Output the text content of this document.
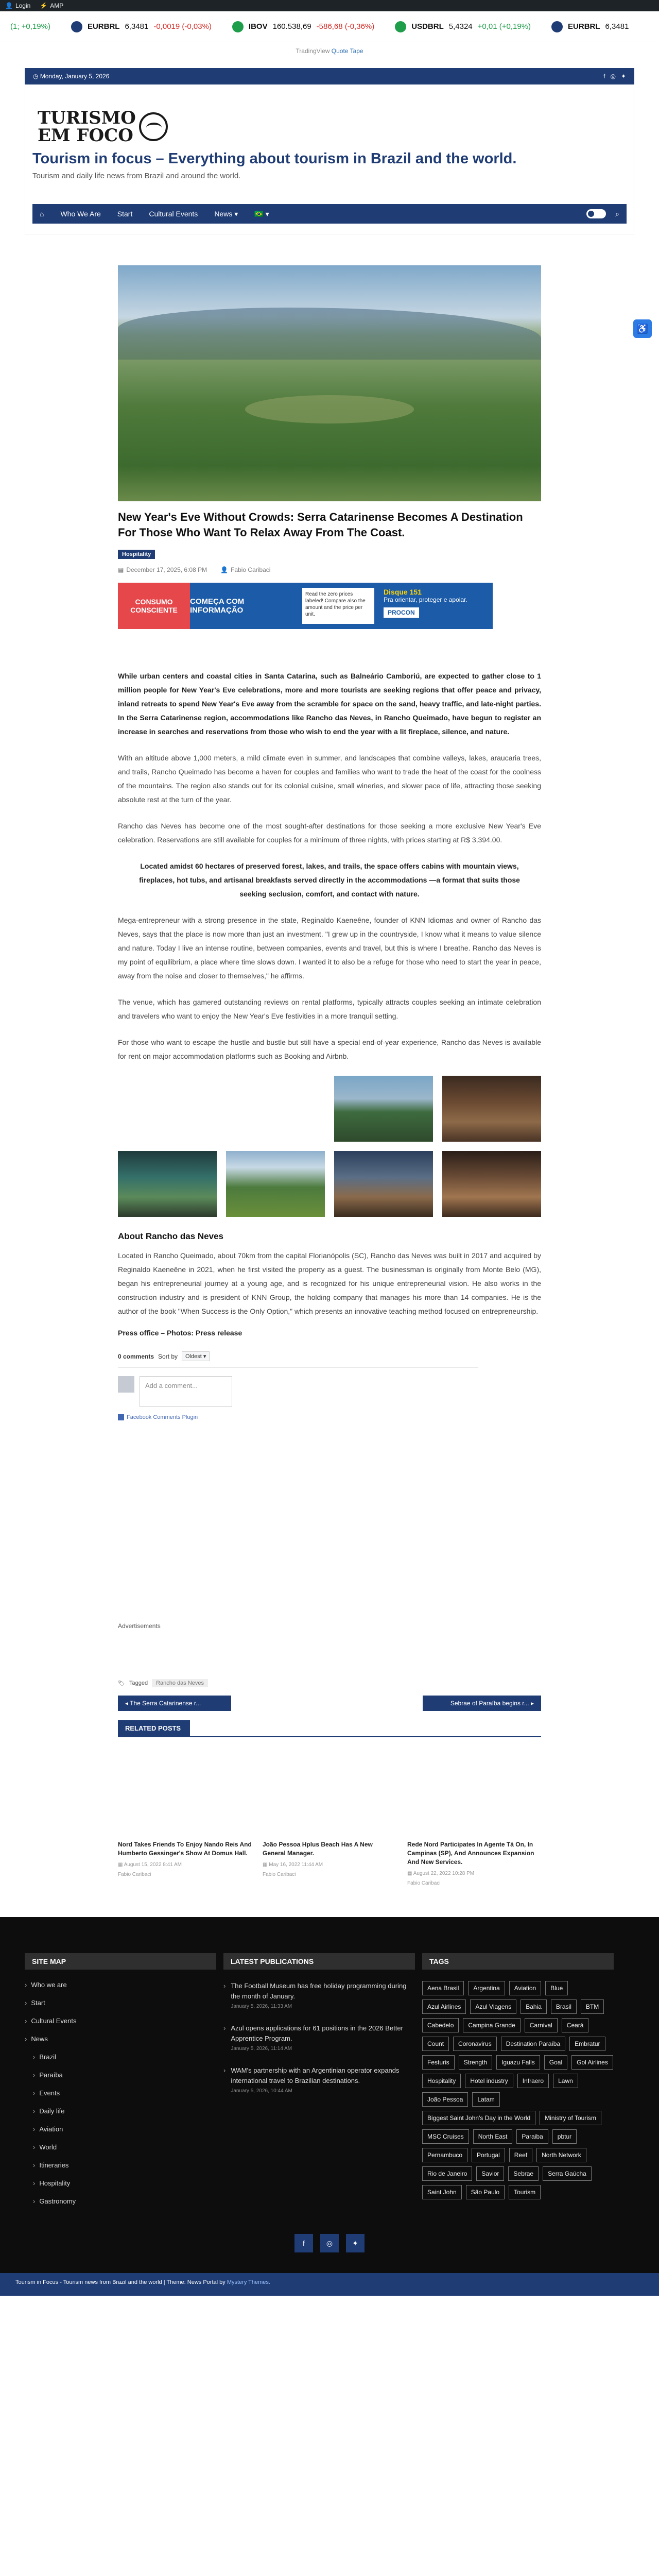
👤 Login ⚡ AMP
(1; +0,19%)	EURBRL 6,3481 -0,0019 (-0,03%)	IBOV 160.538,69 -586,68 (-0,36%)	USDBRL 5,4324 +0,01 (+0,19%)	EURBRL 6,3481
TradingView Quote Tape
◷ Monday, January 5, 2026	f ◎ ✦
TURISMO
EM FOCO
Tourism in focus – Everything about tourism in Brazil and the world.
Tourism and daily life news from Brazil and around the world.
⌂ Who We Are Start Cultural Events News ▾ 🇧🇷 ▾	⌕
♿
New Year's Eve Without Crowds: Serra Catarinense Becomes A Destination For Those Who Want To Relax Away From The Coast.
Hospitality
▦ December 17, 2025, 6:08 PM 👤 Fabio Caribaci
CONSUMO CONSCIENTE
COMEÇA COM INFORMAÇÃO
Read the zero prices labeled! Compare also the amount and the price per unit.
Disque 151
Pra orientar, proteger e apoiar.
PROCON

While urban centers and coastal cities in Santa Catarina, such as Balneário Camboriú, are expected to gather close to 1 million people for New Year's Eve celebrations, more and more tourists are seeking regions that offer peace and privacy, inland retreats to spend New Year's Eve away from the scramble for space on the sand, heavy traffic, and late-night parties. In the Serra Catarinense region, accommodations like Rancho das Neves, in Rancho Queimado, have begun to register an increase in searches and reservations from those who wish to end the year with a lit fireplace, silence, and nature.

With an altitude above 1,000 meters, a mild climate even in summer, and landscapes that combine valleys, lakes, araucaria trees, and trails, Rancho Queimado has become a haven for couples and families who want to trade the heat of the coast for the coolness of the mountains. The region also stands out for its colonial cuisine, small wineries, and slower pace of life, attracting those seeking absolute rest at the turn of the year.

Rancho das Neves has become one of the most sought-after destinations for those seeking a more exclusive New Year's Eve celebration. Reservations are still available for couples for a minimum of three nights, with prices starting at R$ 3,394.00.

Located amidst 60 hectares of preserved forest, lakes, and trails, the space offers cabins with mountain views, fireplaces, hot tubs, and artisanal breakfasts served directly in the accommodations —a format that suits those seeking seclusion, comfort, and contact with nature.

Mega-entrepreneur with a strong presence in the state, Reginaldo Kaeneêne, founder of KNN Idiomas and owner of Rancho das Neves, says that the place is now more than just an investment. "I grew up in the countryside, I know what it means to value silence and nature. Today I live an intense routine, between companies, events and travel, but this is where I breathe. Rancho das Neves is my point of equilibrium, a place where time slows down. I wanted it to also be a refuge for those who need to start the year in peace, away from the noise and closer to themselves," he affirms.

The venue, which has gamered outstanding reviews on rental platforms, typically attracts couples seeking an intimate celebration and travelers who want to enjoy the New Year's Eve festivities in a more tranquil setting.

For those who want to escape the hustle and bustle but still have a special end-of-year experience, Rancho das Neves is available for rent on major accommodation platforms such as Booking and Airbnb.

About Rancho das Neves

Located in Rancho Queimado, about 70km from the capital Florianópolis (SC), Rancho das Neves was built in 2017 and acquired by Reginaldo Kaeneêne in 2021, when he first visited the property as a guest. The businessman is originally from Monte Belo (MG), began his entrepreneurial journey at a young age, and is recognized for his unique entrepreneurial vision. He also works in the construction industry and is president of KNN Group, the holding company that manages his more than 14 companies. He is the author of the book "When Success is the Only Option," which presents an innovative teaching method focused on entrepreneurship.

Press office – Photos: Press release
0 comments Sort by	Oldest ▾
Add a comment...
Facebook Comments Plugin
Advertisements
🏷 Tagged	Rancho das Neves
◂ The Serra Catarinense r...	Sebrae of Paraíba begins r... ▸
RELATED POSTS
Nord Takes Friends To Enjoy Nando Reis And Humberto Gessinger's Show At Domus Hall.
▦ August 15, 2022 8:41 AM
Fabio Caribaci
João Pessoa Hplus Beach Has A New General Manager.
▦ May 16, 2022 11:44 AM
Fabio Caribaci
Rede Nord Participates In Agente Tá On, In Campinas (SP), And Announces Expansion And New Services.
▦ August 22, 2022 10:28 PM
Fabio Caribaci
SITE MAP
› Who we are
› Start
› Cultural Events
› News
› Brazil
› Paraíba
› Events
› Daily life
› Aviation
› World
› Itineraries
› Hospitality
› Gastronomy
LATEST PUBLICATIONS
› The Football Museum has free holiday programming during the month of January.
January 5, 2026, 11:33 AM
› Azul opens applications for 61 positions in the 2026 Better Apprentice Program.
January 5, 2026, 11:14 AM
› WAM's partnership with an Argentinian operator expands international travel to Brazilian destinations.
January 5, 2026, 10:44 AM
TAGS
Aena Brasil	Argentina	Aviation	Blue
Azul Airlines	Azul Viagens	Bahia	Brasil	BTM
Cabedelo	Campina Grande	Carnival	Ceará
Count	Coronavirus	Destination Paraíba	Embratur
Festuris	Strength	Iguazu Falls	Goal	Gol Airlines
Hospitality	Hotel industry	Infraero	Lawn
João Pessoa	Latam
Biggest Saint John's Day in the World	Ministry of Tourism
MSC Cruises	North East	Paraiba	pbtur
Pernambuco	Portugal	Reef	North Network
Rio de Janeiro	Savior	Sebrae	Serra Gaúcha
Saint John	São Paulo	Tourism
f	◎	✦
Tourism in Focus - Tourism news from Brazil and the world | Theme: News Portal by Mystery Themes.
